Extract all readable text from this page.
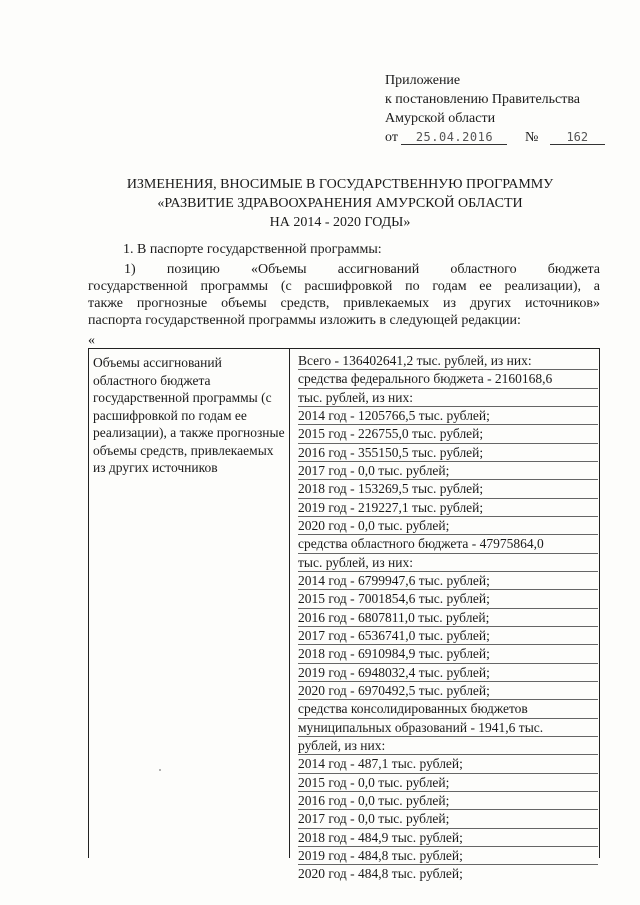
Приложение
к постановлению Правительства
Амурской области
от 25.04.2016 № 162
ИЗМЕНЕНИЯ, ВНОСИМЫЕ В ГОСУДАРСТВЕННУЮ ПРОГРАММУ
«РАЗВИТИЕ ЗДРАВООХРАНЕНИЯ АМУРСКОЙ ОБЛАСТИ
НА 2014 - 2020 ГОДЫ»
1. В паспорте государственной программы:
1) позицию «Объемы ассигнований областного бюджета
государственной программы (с расшифровкой по годам ее реализации), а
также прогнозные объемы средств, привлекаемых из других источников»
паспорта государственной программы изложить в следующей редакции:
«
Объемы ассигнований областного бюджета государственной программы (с расшифровкой по годам ее реализации), а также прогнозные объемы средств, привлекаемых из других источников
Всего - 136402641,2 тыс. рублей, из них:
средства федерального бюджета - 2160168,6
тыс. рублей, из них:
2014 год - 1205766,5 тыс. рублей;
2015 год - 226755,0 тыс. рублей;
2016 год - 355150,5 тыс. рублей;
2017 год - 0,0 тыс. рублей;
2018 год - 153269,5 тыс. рублей;
2019 год - 219227,1 тыс. рублей;
2020 год - 0,0 тыс. рублей;
средства областного бюджета - 47975864,0
тыс. рублей, из них:
2014 год - 6799947,6 тыс. рублей;
2015 год - 7001854,6 тыс. рублей;
2016 год - 6807811,0 тыс. рублей;
2017 год - 6536741,0 тыс. рублей;
2018 год - 6910984,9 тыс. рублей;
2019 год - 6948032,4 тыс. рублей;
2020 год - 6970492,5 тыс. рублей;
средства консолидированных бюджетов
муниципальных образований - 1941,6 тыс.
рублей, из них:
2014 год - 487,1 тыс. рублей;
2015 год - 0,0 тыс. рублей;
2016 год - 0,0 тыс. рублей;
2017 год - 0,0 тыс. рублей;
2018 год - 484,9 тыс. рублей;
2019 год - 484,8 тыс. рублей;
2020 год - 484,8 тыс. рублей;
